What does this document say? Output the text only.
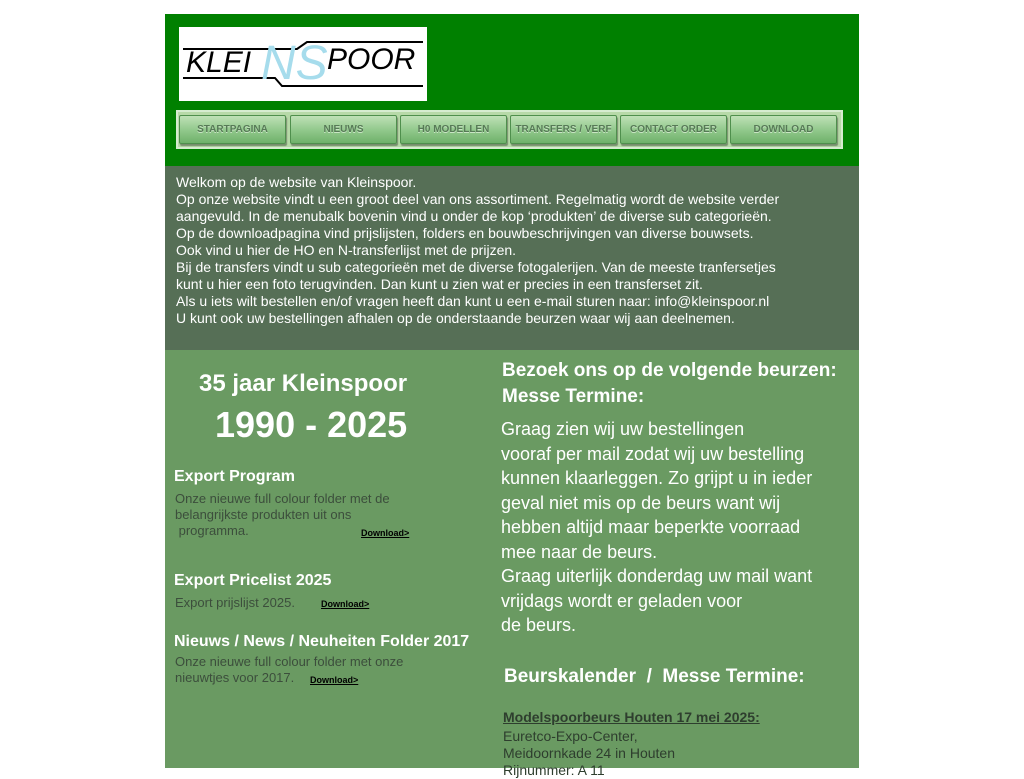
KLEI NS POOR
STARTPAGINA	NIEUWS	H0 MODELLEN	TRANSFERS / VERF	CONTACT ORDER	DOWNLOAD
Welkom op de website van Kleinspoor.
Op onze website vindt u een groot deel van ons assortiment. Regelmatig wordt de website verder
aangevuld. In de menubalk bovenin vind u onder de kop ‘produkten’ de diverse sub categorieën.
Op de downloadpagina vind prijslijsten, folders en bouwbeschrijvingen van diverse bouwsets.
Ook vind u hier de HO en N-transferlijst met de prijzen.
Bij de transfers vindt u sub categorieën met de diverse fotogalerijen. Van de meeste tranfersetjes
kunt u hier een foto terugvinden. Dan kunt u zien wat er precies in een transferset zit.
Als u iets wilt bestellen en/of vragen heeft dan kunt u een e-mail sturen naar: info@kleinspoor.nl
U kunt ook uw bestellingen afhalen op de onderstaande beurzen waar wij aan deelnemen.
35 jaar Kleinspoor
1990 - 2025
Export Program
Onze nieuwe full colour folder met de
belangrijkste produkten uit ons
programma.	Download>
Export Pricelist 2025
Export prijslijst 2025.	Download>
Nieuws / News / Neuheiten Folder 2017
Onze nieuwe full colour folder met onze
nieuwtjes voor 2017. Download>
Bezoek ons op de volgende beurzen:
Messe Termine:
Graag zien wij uw bestellingen
vooraf per mail zodat wij uw bestelling
kunnen klaarleggen. Zo grijpt u in ieder
geval niet mis op de beurs want wij
hebben altijd maar beperkte voorraad
mee naar de beurs.
Graag uiterlijk donderdag uw mail want
vrijdags wordt er geladen voor
de beurs.
Beurskalender  /  Messe Termine:
Modelspoorbeurs Houten 17 mei 2025:
Euretco-Expo-Center,
Meidoornkade 24 in Houten
Rijnummer: A 11
